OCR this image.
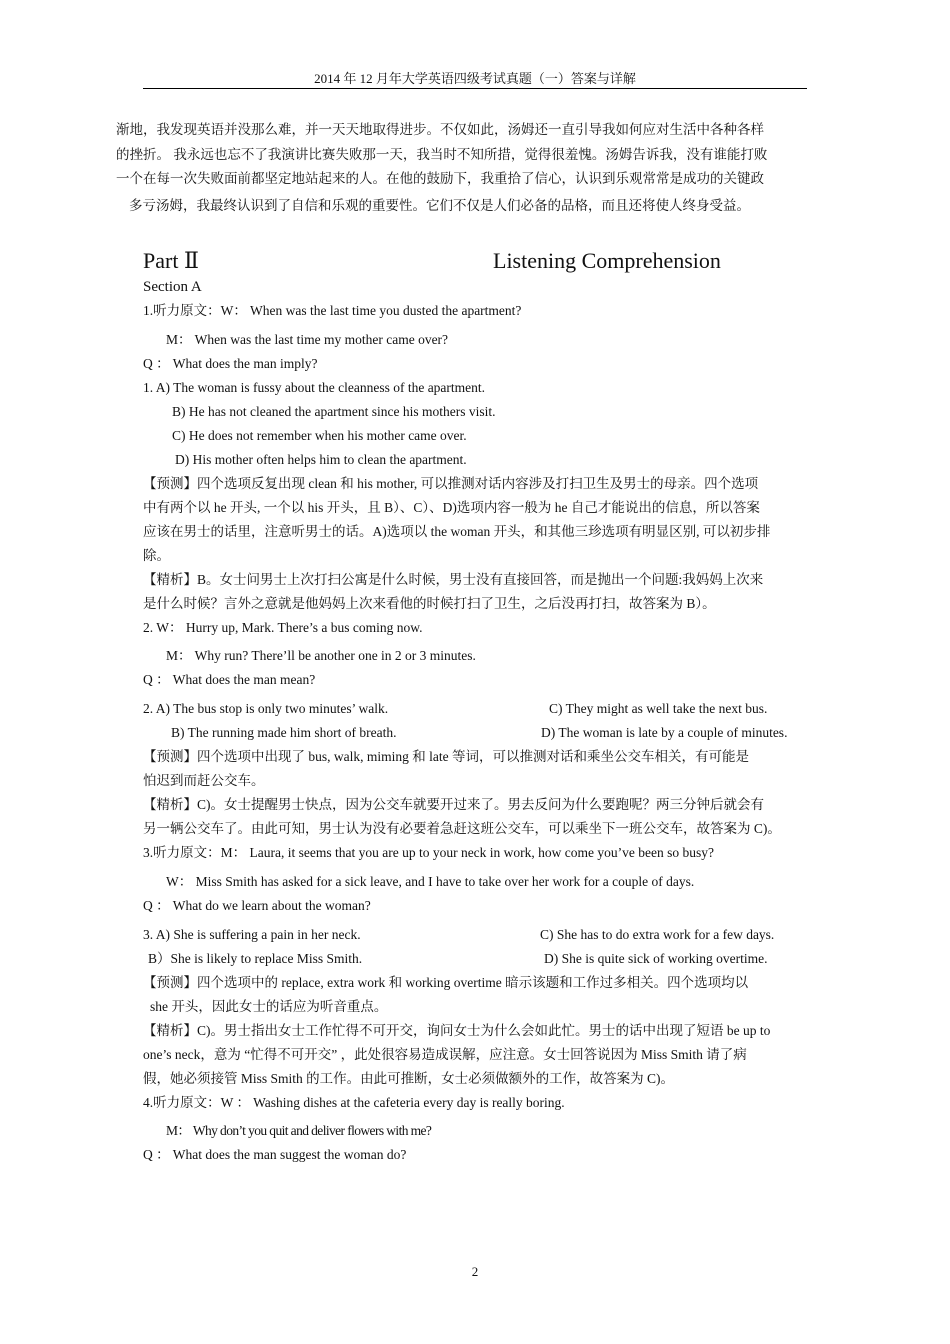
2014 年 12 月年大学英语四级考试真题（一）答案与详解
渐地，我发现英语并没那么难，并一天天地取得进步。不仅如此，汤姆还一直引导我如何应对生活中各种各样
的挫折。 我永远也忘不了我演讲比赛失败那一天，我当时不知所措，觉得很羞愧。汤姆告诉我，没有谁能打败
一个在每一次失败面前都坚定地站起来的人。在他的鼓励下，我重拾了信心，认识到乐观常常是成功的关键政
多亏汤姆，我最终认识到了自信和乐观的重要性。它们不仅是人们必备的品格，而且还将使人终身受益。
Part Ⅱ	Listening Comprehension
Section A
1.听力原文：W： When was the last time you dusted the apartment?
M： When was the last time my mother came over?
Q ： What does the man imply?
1. A) The woman is fussy about the cleanness of the apartment.
B) He has not cleaned the apartment since his mothers visit.
C) He does not remember when his mother came over.
D) His mother often helps him to clean the apartment.
【预测】四个选项反复出现 clean 和 his mother, 可以推测对话内容涉及打扫卫生及男士的母亲。四个选项
中有两个以 he 开头, 一个以 his 开头，且 B）、C）、D)选项内容一般为 he 自己才能说出的信息，所以答案
应该在男士的话里，注意听男士的话。A)选项以 the woman 开头，和其他三珍选项有明显区别, 可以初步排
除。
【精析】B。女士问男士上次打扫公寓是什么时候，男士没有直接回答，而是抛出一个问题:我妈妈上次来
是什么时候？言外之意就是他妈妈上次来看他的时候打扫了卫生，之后没再打扫，故答案为 B）。
2. W： Hurry up, Mark. There’s a bus coming now.
M： Why run? There’ll be another one in 2 or 3 minutes.
Q ： What does the man mean?
2. A) The bus stop is only two minutes’ walk.	C) They might as well take the next bus.
B) The running made him short of breath.	D) The woman is late by a couple of minutes.
【预测】四个选项中出现了 bus, walk, miming 和 late 等词，可以推测对话和乘坐公交车相关，有可能是
怕迟到而赶公交车。
【精析】C)。女士提醒男士快点，因为公交车就要开过来了。男去反问为什么要跑呢？两三分钟后就会有
另一辆公交车了。由此可知，男士认为没有必要着急赶这班公交车，可以乘坐下一班公交车，故答案为 C)。
3.听力原文：M： Laura, it seems that you are up to your neck in work, how come you’ve been so busy?
W： Miss Smith has asked for a sick leave, and I have to take over her work for a couple of days.
Q ： What do we learn about the woman?
3. A) She is suffering a pain in her neck.	C) She has to do extra work for a few days.
B）She is likely to replace Miss Smith.	D) She is quite sick of working overtime.
【预测】四个选项中的 replace, extra work 和 working overtime 暗示该题和工作过多相关。四个选项均以
she 开头，因此女士的话应为听音重点。
【精析】C)。男士指出女士工作忙得不可开交，询问女士为什么会如此忙。男士的话中出现了短语 be up to
one’s neck，意为 “忙得不可开交” ，此处很容易造成误解，应注意。女士回答说因为 Miss Smith 请了病
假，她必须接管 Miss Smith 的工作。由此可推断，女士必须做额外的工作，故答案为 C)。
4.听力原文：W ： Washing dishes at the cafeteria every day is really boring.
M： Why don’t you quit and deliver flowers with me?
Q ： What does the man suggest the woman do?
2
